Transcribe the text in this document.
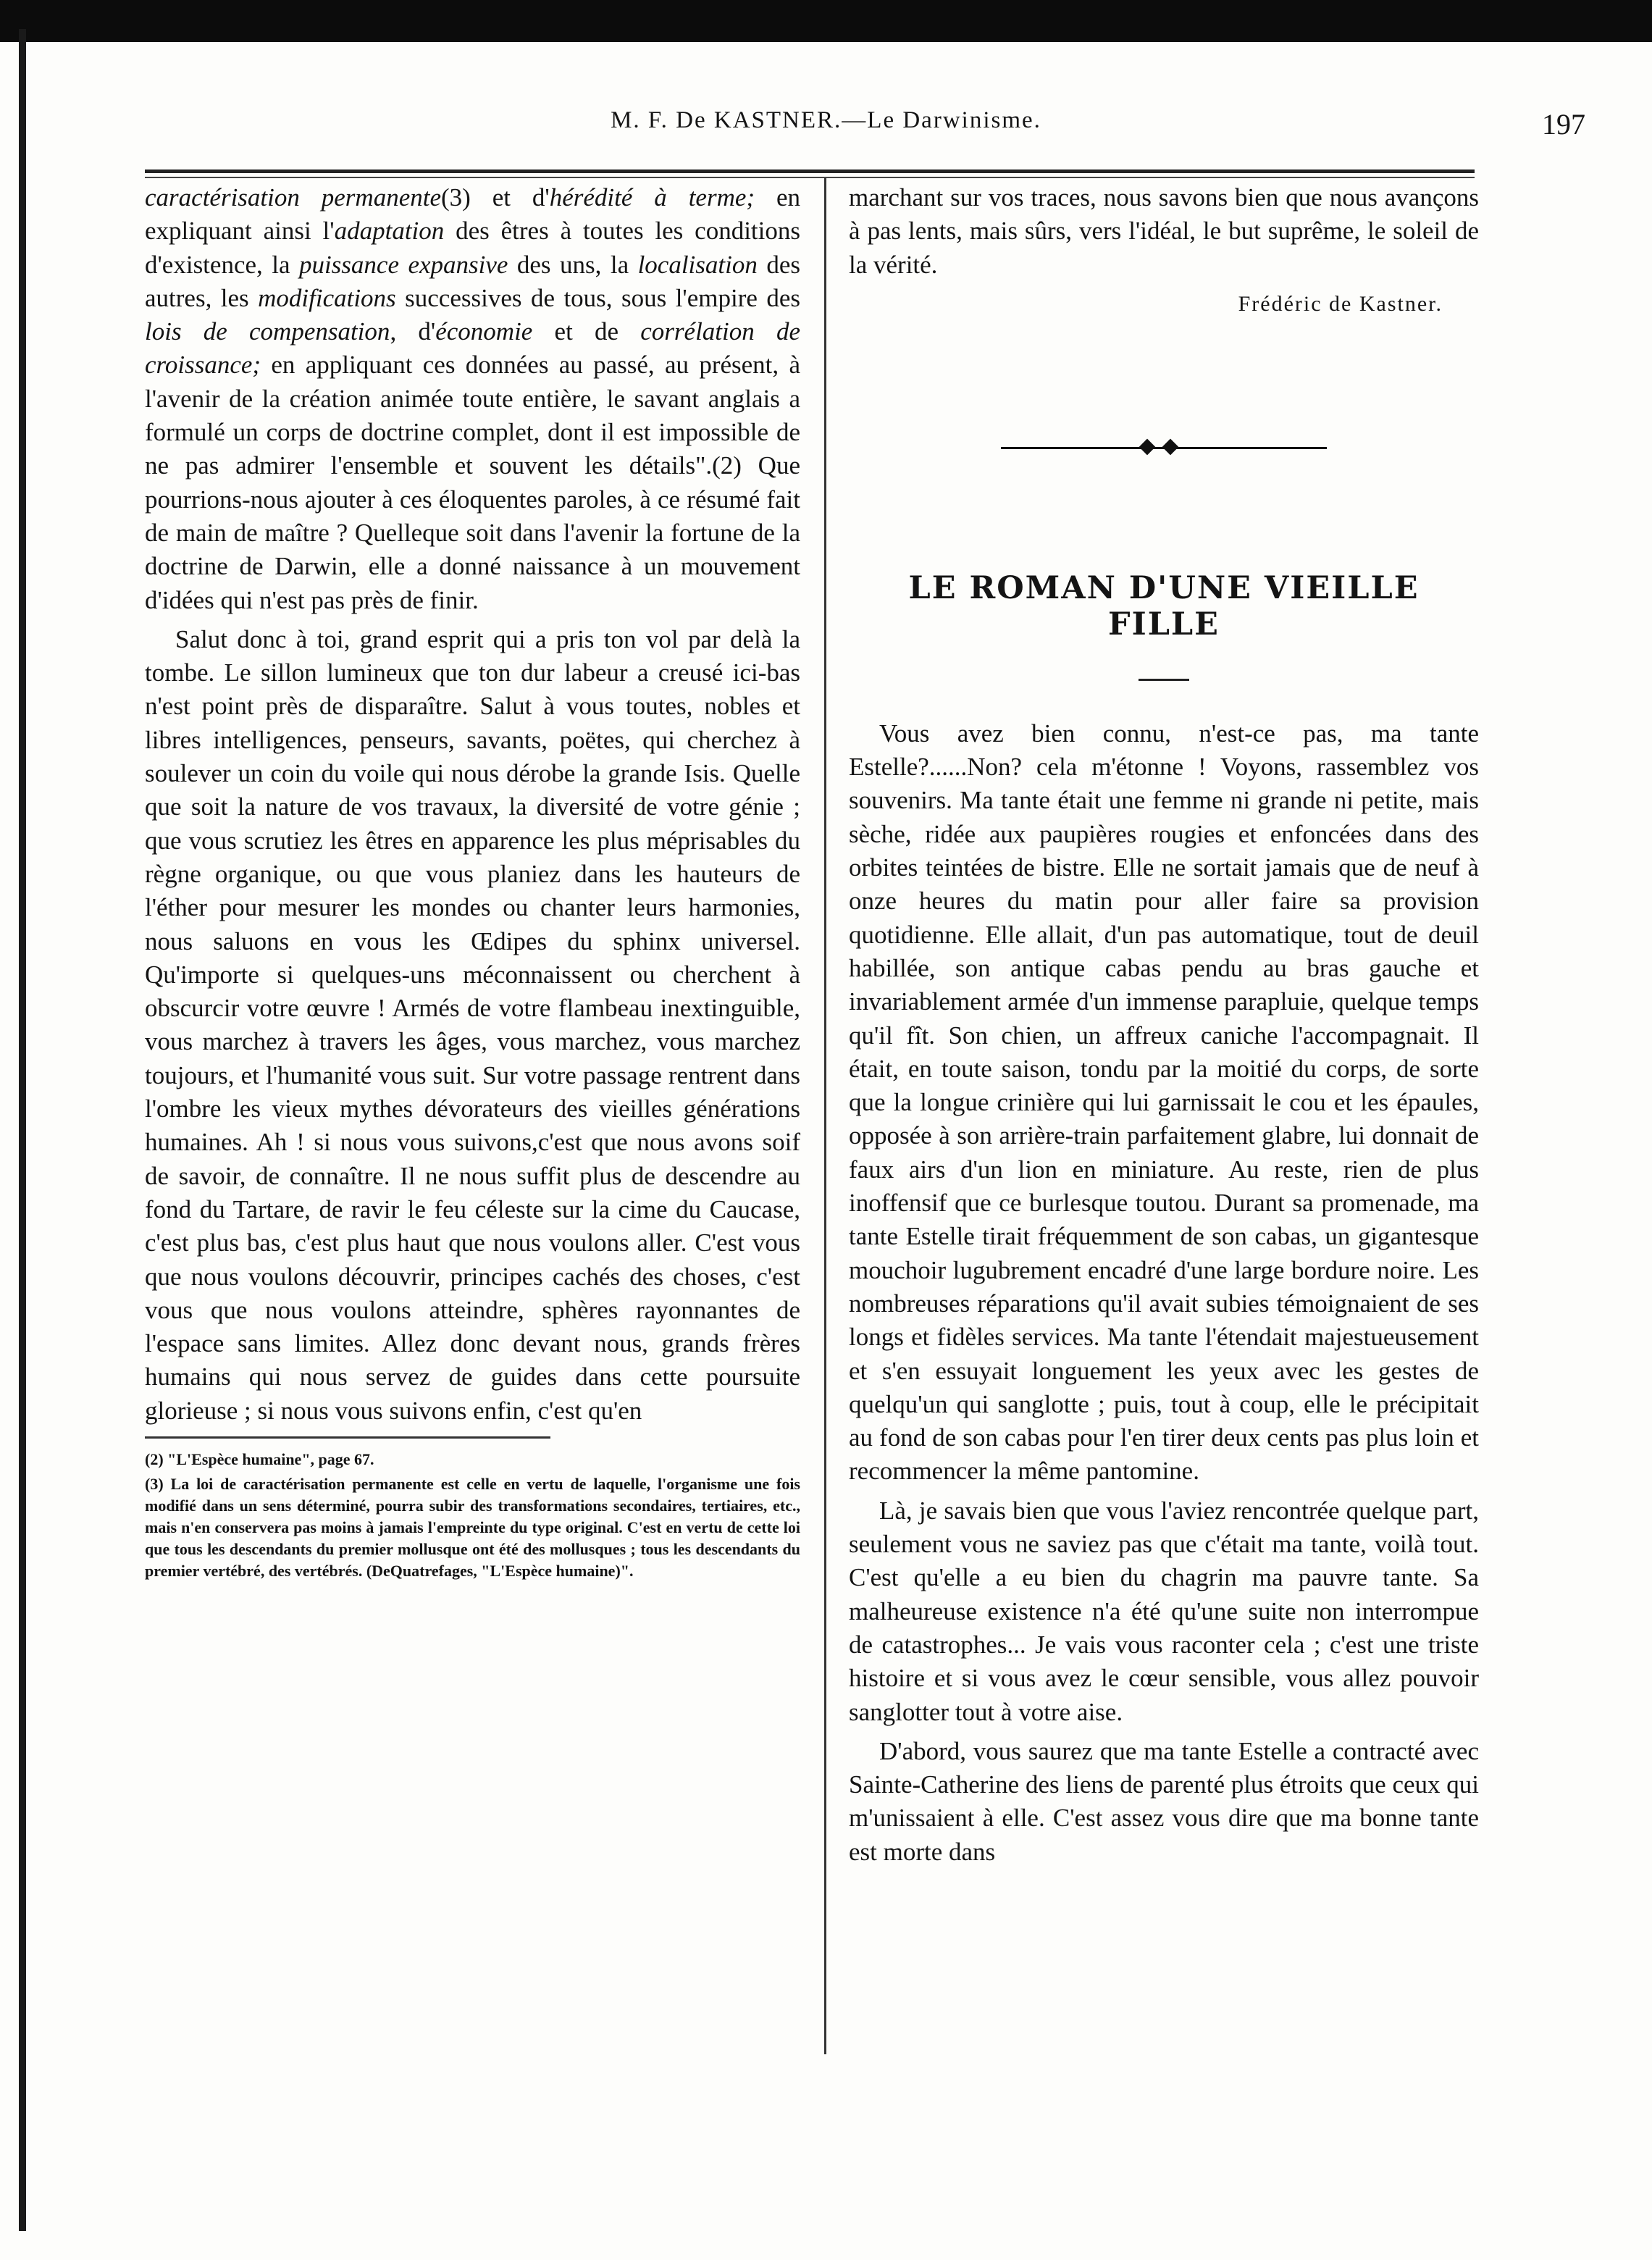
M. F. De KASTNER.—Le Darwinisme.	197

caractérisation permanente(3) et d'hérédité à terme; en expliquant ainsi l'adaptation des êtres à toutes les conditions d'existence, la puissance expansive des uns, la localisation des autres, les modifications successives de tous, sous l'empire des lois de compensation, d'économie et de corrélation de croissance; en appliquant ces données au passé, au présent, à l'avenir de la création animée toute entière, le savant anglais a formulé un corps de doctrine complet, dont il est impossible de ne pas admirer l'ensemble et souvent les détails".(2) Que pourrions-nous ajouter à ces éloquentes paroles, à ce résumé fait de main de maître ? Quelleque soit dans l'avenir la fortune de la doctrine de Darwin, elle a donné naissance à un mouvement d'idées qui n'est pas près de finir.

Salut donc à toi, grand esprit qui a pris ton vol par delà la tombe. Le sillon lumineux que ton dur labeur a creusé ici-bas n'est point près de disparaître. Salut à vous toutes, nobles et libres intelligences, penseurs, savants, poëtes, qui cherchez à soulever un coin du voile qui nous dérobe la grande Isis. Quelle que soit la nature de vos travaux, la diversité de votre génie ; que vous scrutiez les êtres en apparence les plus méprisables du règne organique, ou que vous planiez dans les hauteurs de l'éther pour mesurer les mondes ou chanter leurs harmonies, nous saluons en vous les Œdipes du sphinx universel. Qu'importe si quelques-uns méconnaissent ou cherchent à obscurcir votre œuvre ! Armés de votre flambeau inextinguible, vous marchez à travers les âges, vous marchez, vous marchez toujours, et l'humanité vous suit. Sur votre passage rentrent dans l'ombre les vieux mythes dévorateurs des vieilles générations humaines. Ah ! si nous vous suivons,c'est que nous avons soif de savoir, de connaître. Il ne nous suffit plus de descendre au fond du Tartare, de ravir le feu céleste sur la cime du Caucase, c'est plus bas, c'est plus haut que nous voulons aller. C'est vous que nous voulons découvrir, principes cachés des choses, c'est vous que nous voulons atteindre, sphères rayonnantes de l'espace sans limites. Allez donc devant nous, grands frères humains qui nous servez de guides dans cette poursuite glorieuse ; si nous vous suivons enfin, c'est qu'en

(2) "L'Espèce humaine", page 67.

(3) La loi de caractérisation permanente est celle en vertu de laquelle, l'organisme une fois modifié dans un sens déterminé, pourra subir des transformations secondaires, tertiaires, etc., mais n'en conservera pas moins à jamais l'empreinte du type original. C'est en vertu de cette loi que tous les descendants du premier mollusque ont été des mollusques ; tous les descendants du premier vertébré, des vertébrés. (DeQuatrefages, "L'Espèce humaine)".

marchant sur vos traces, nous savons bien que nous avançons à pas lents, mais sûrs, vers l'idéal, le but suprême, le soleil de la vérité.

Frédéric de Kastner.
LE ROMAN D'UNE VIEILLE FILLE

Vous avez bien connu, n'est-ce pas, ma tante Estelle?......Non? cela m'étonne ! Voyons, rassemblez vos souvenirs. Ma tante était une femme ni grande ni petite, mais sèche, ridée aux paupières rougies et enfoncées dans des orbites teintées de bistre. Elle ne sortait jamais que de neuf à onze heures du matin pour aller faire sa provision quotidienne. Elle allait, d'un pas automatique, tout de deuil habillée, son antique cabas pendu au bras gauche et invariablement armée d'un immense parapluie, quelque temps qu'il fît. Son chien, un affreux caniche l'accompagnait. Il était, en toute saison, tondu par la moitié du corps, de sorte que la longue crinière qui lui garnissait le cou et les épaules, opposée à son arrière-train parfaitement glabre, lui donnait de faux airs d'un lion en miniature. Au reste, rien de plus inoffensif que ce burlesque toutou. Durant sa promenade, ma tante Estelle tirait fréquemment de son cabas, un gigantesque mouchoir lugubrement encadré d'une large bordure noire. Les nombreuses réparations qu'il avait subies témoignaient de ses longs et fidèles services. Ma tante l'étendait majestueusement et s'en essuyait longuement les yeux avec les gestes de quelqu'un qui sanglotte ; puis, tout à coup, elle le précipitait au fond de son cabas pour l'en tirer deux cents pas plus loin et recommencer la même pantomine.

Là, je savais bien que vous l'aviez rencontrée quelque part, seulement vous ne saviez pas que c'était ma tante, voilà tout. C'est qu'elle a eu bien du chagrin ma pauvre tante. Sa malheureuse existence n'a été qu'une suite non interrompue de catastrophes... Je vais vous raconter cela ; c'est une triste histoire et si vous avez le cœur sensible, vous allez pouvoir sanglotter tout à votre aise.

D'abord, vous saurez que ma tante Estelle a contracté avec Sainte-Catherine des liens de parenté plus étroits que ceux qui m'unissaient à elle. C'est assez vous dire que ma bonne tante est morte dans
